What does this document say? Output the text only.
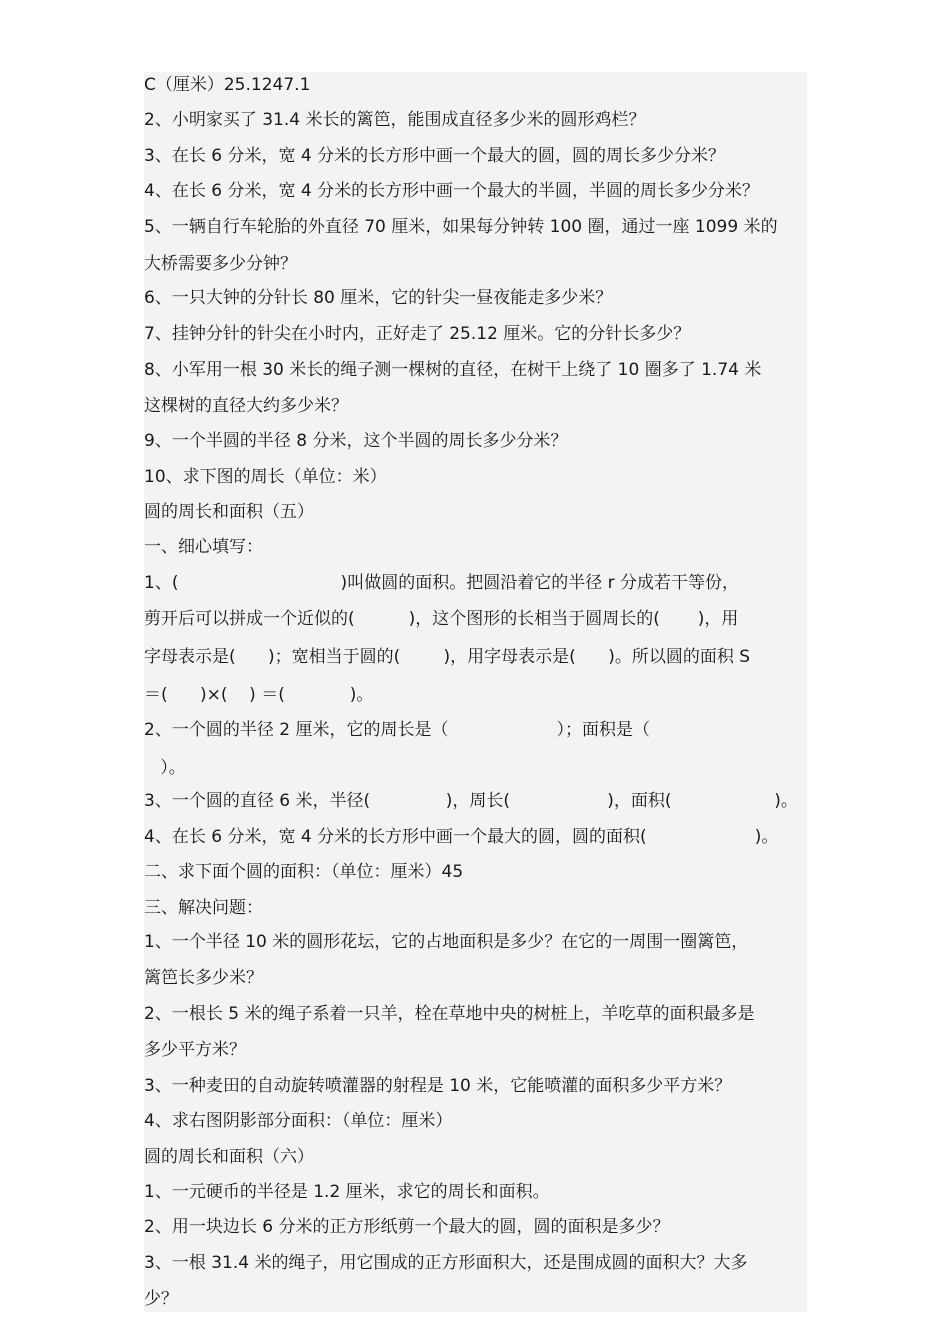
C（厘米）25.1247.1
2、小明家买了 31.4 米长的篱笆，能围成直径多少米的圆形鸡栏？
3、在长 6 分米，宽 4 分米的长方形中画一个最大的圆，圆的周长多少分米？
4、在长 6 分米，宽 4 分米的长方形中画一个最大的半圆，半圆的周长多少分米？
5、一辆自行车轮胎的外直径 70 厘米，如果每分钟转 100 圈，通过一座 1099 米的
大桥需要多少分钟？
6、一只大钟的分针长 80 厘米，它的针尖一昼夜能走多少米？
7、挂钟分针的针尖在小时内，正好走了 25.12 厘米。它的分针长多少？
8、小军用一根 30 米长的绳子测一棵树的直径，在树干上绕了 10 圈多了 1.74 米
这棵树的直径大约多少米？
9、一个半圆的半径 8 分米，这个半圆的周长多少分米？
10、求下图的周长（单位：米）
圆的周长和面积（五）
一、细心填写：
1、(                              )叫做圆的面积。把圆沿着它的半径 r 分成若干等份，
剪开后可以拼成一个近似的(          )，这个图形的长相当于圆周长的(       )，用
字母表示是(      )；宽相当于圆的(        )，用字母表示是(      )。所以圆的面积 S
＝(      )×(    ) ＝(            )。
2、一个圆的半径 2 厘米，它的周长是（                    ）；面积是（
）。
3、一个圆的直径 6 米，半径(              )，周长(                  )，面积(                   )。
4、在长 6 分米，宽 4 分米的长方形中画一个最大的圆，圆的面积(                    )。
二、求下面个圆的面积：（单位：厘米）45
三、解决问题：
1、一个半径 10 米的圆形花坛，它的占地面积是多少？在它的一周围一圈篱笆，
篱笆长多少米？
2、一根长 5 米的绳子系着一只羊，栓在草地中央的树桩上，羊吃草的面积最多是
多少平方米？
3、一种麦田的自动旋转喷灌器的射程是 10 米，它能喷灌的面积多少平方米？
4、求右图阴影部分面积：（单位：厘米）
圆的周长和面积（六）
1、一元硬币的半径是 1.2 厘米，求它的周长和面积。
2、用一块边长 6 分米的正方形纸剪一个最大的圆，圆的面积是多少？
3、一根 31.4 米的绳子，用它围成的正方形面积大，还是围成圆的面积大？大多
少？
